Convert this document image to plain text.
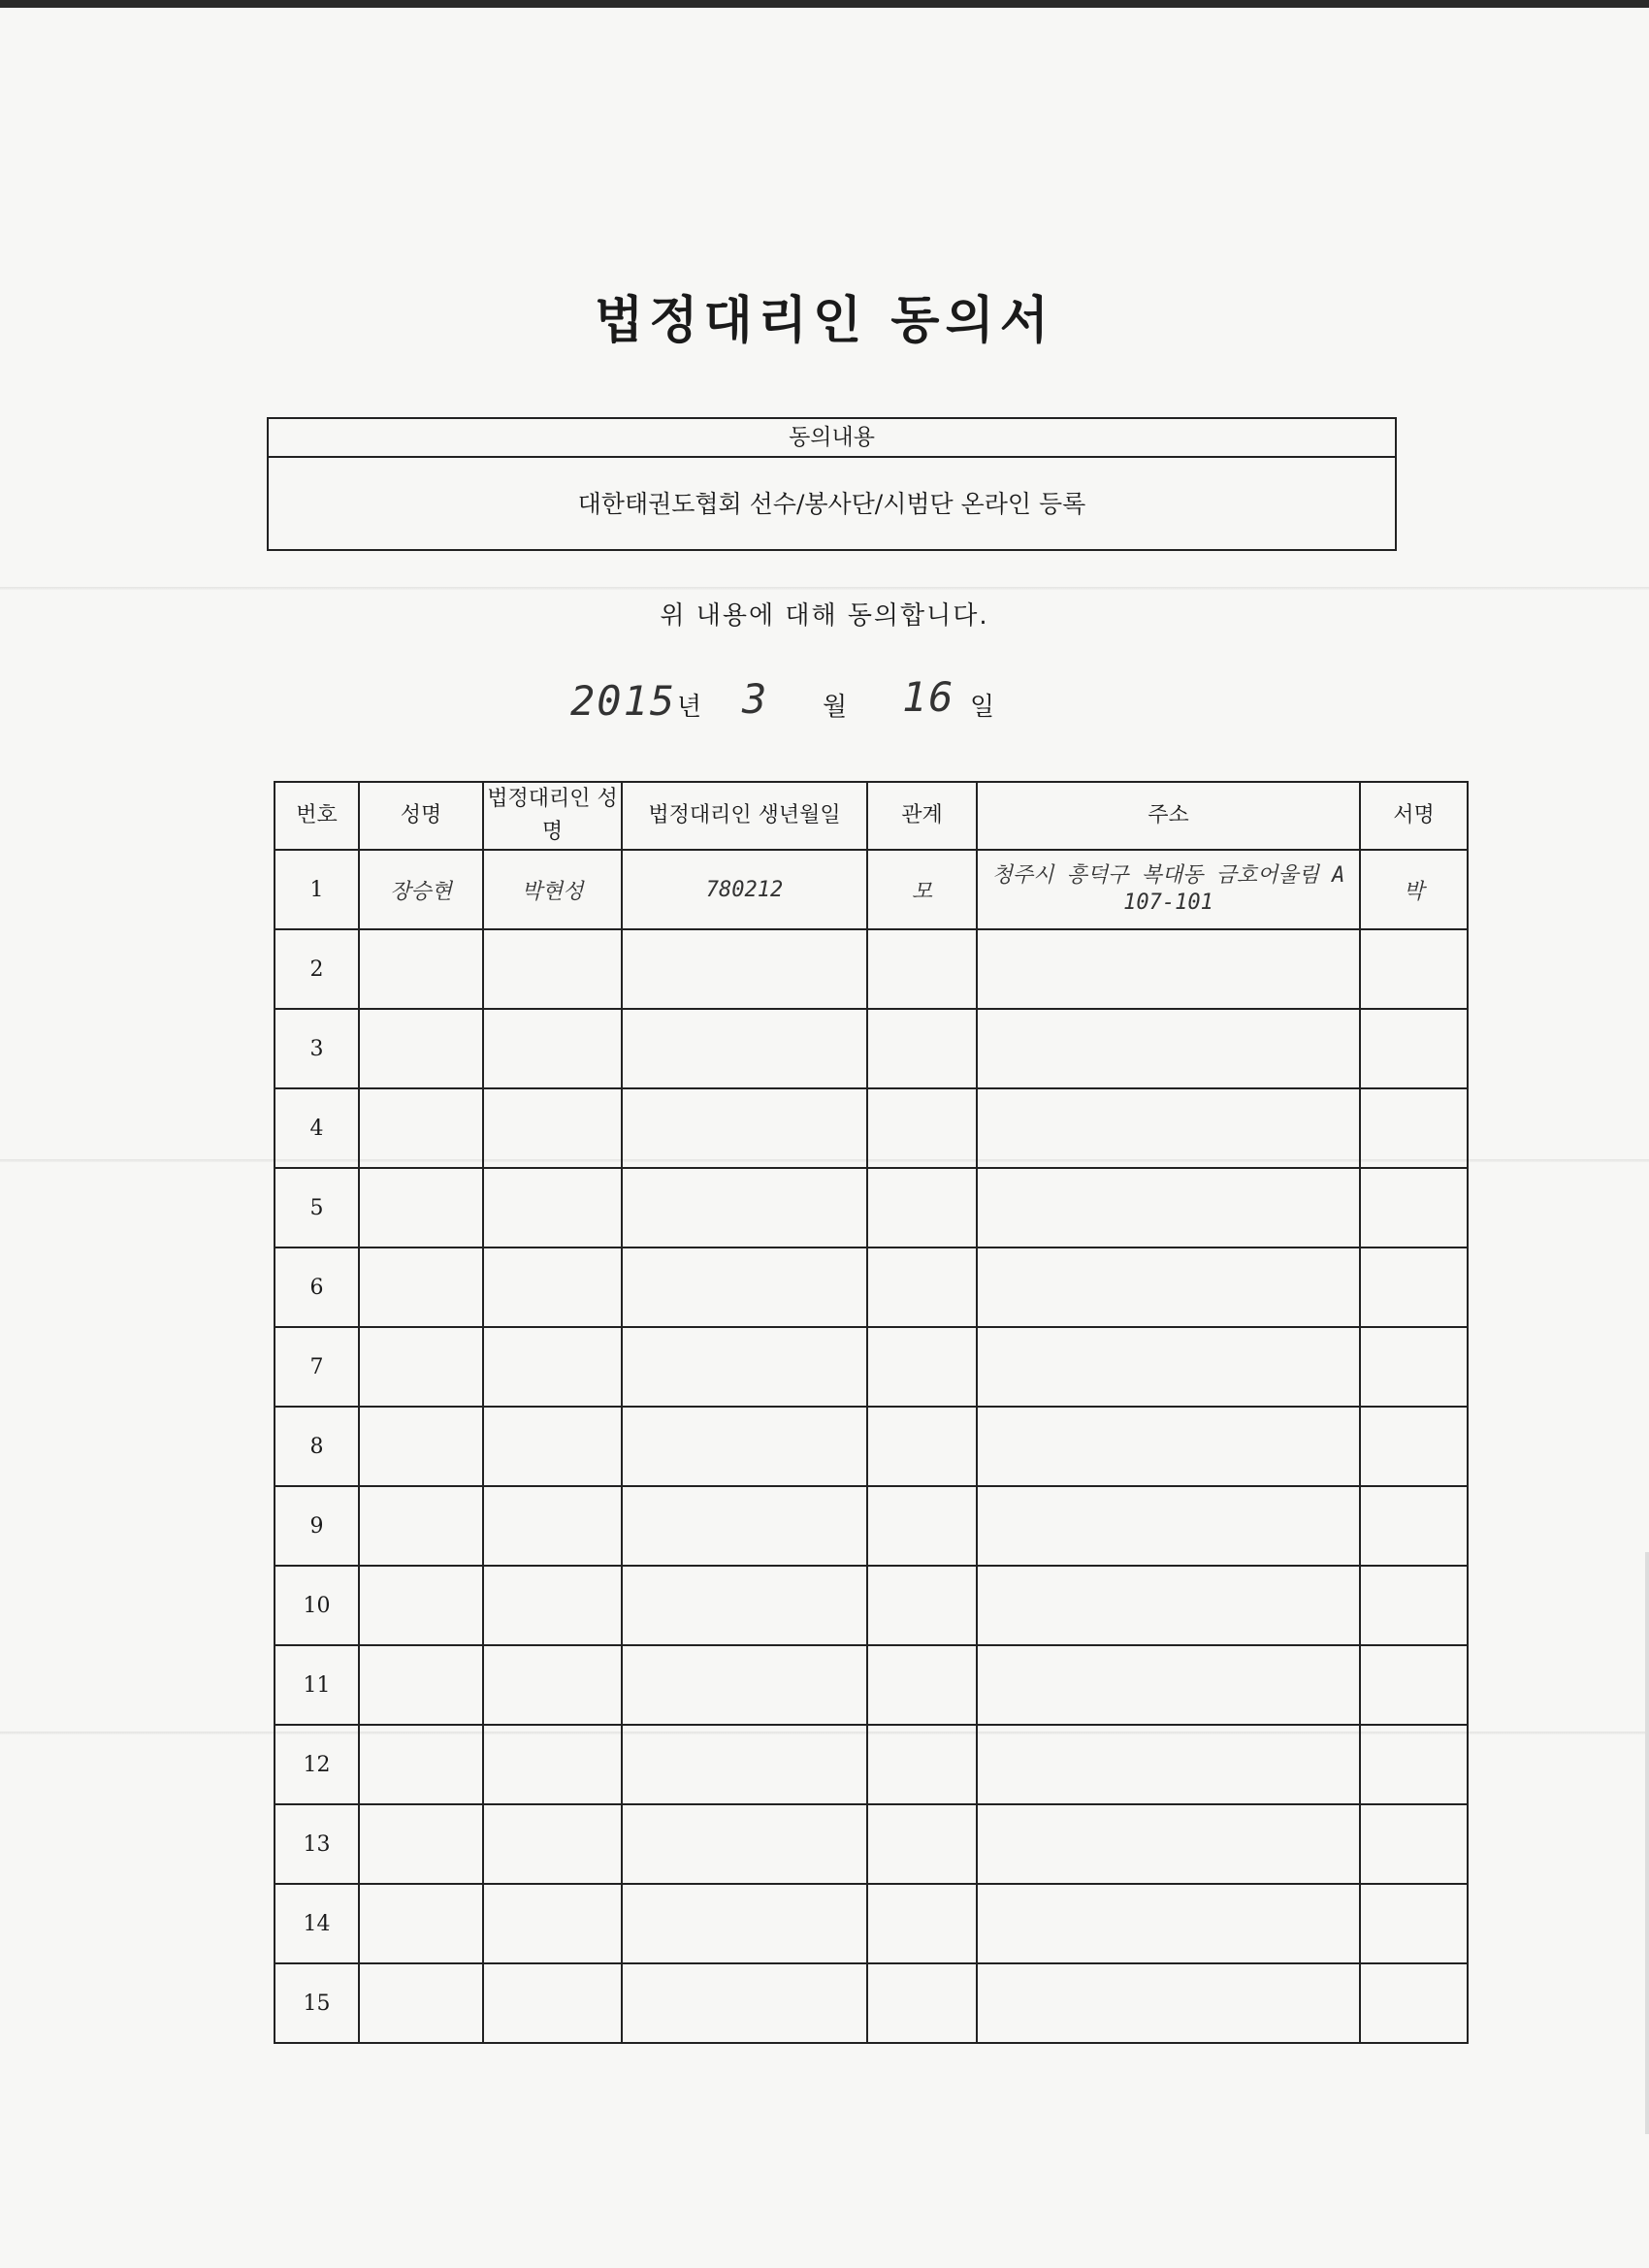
법정대리인 동의서
동의내용
대한태권도협회 선수/봉사단/시범단 온라인 등록
위 내용에 대해 동의합니다.
2015 년 3 월 16 일
번호	성명	법정대리인 성명	법정대리인 생년월일	관계	주소	서명
1	장승현	박현성	780212	모	청주시 흥덕구 복대동 금호어울림 A 107-101	박
2						
3						
4						
5						
6						
7						
8						
9						
10						
11						
12						
13						
14						
15						
